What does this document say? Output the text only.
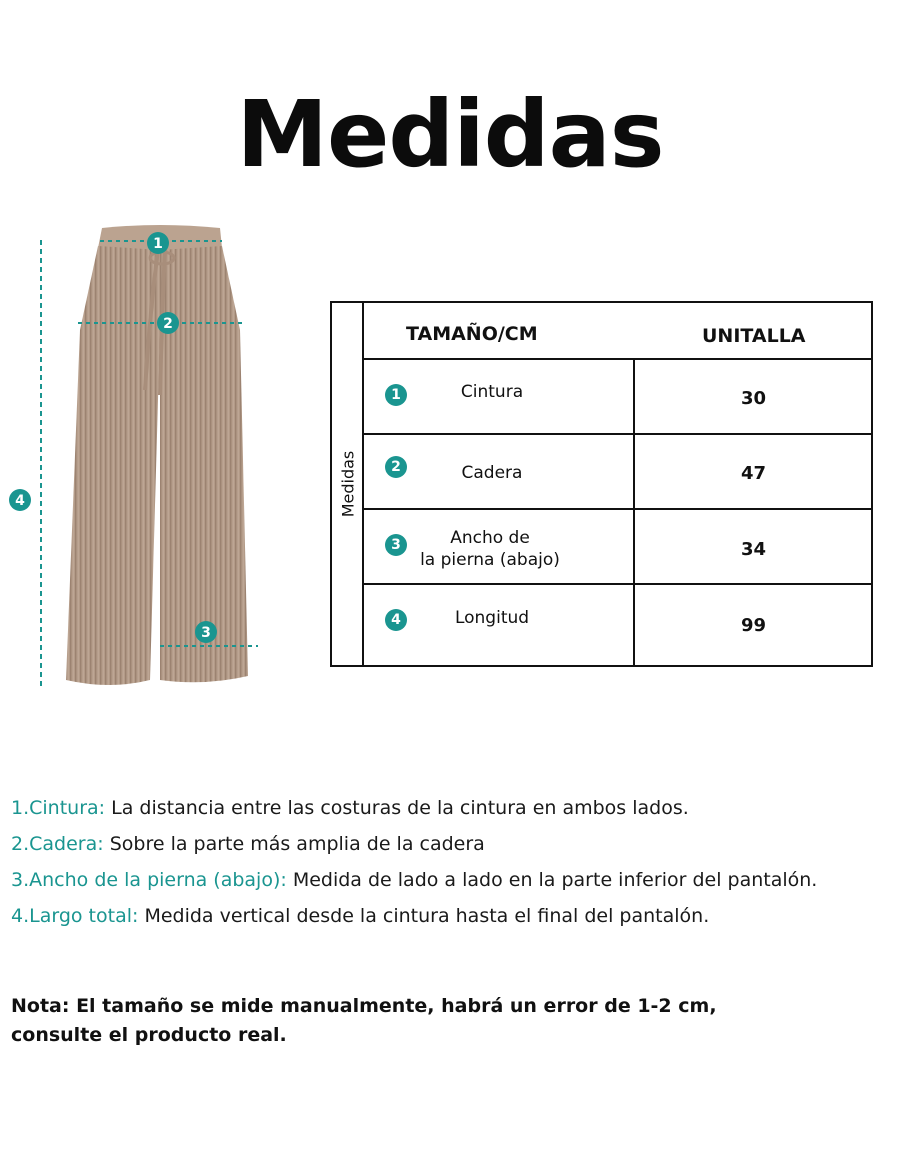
Medidas
1
2
3
4	Medidas
TAMAÑO/CM	UNITALLA
1	Cintura	30
2	Cadera	47
3	Ancho de
la pierna (abajo)	34
4	Longitud	99
1.Cintura: La distancia entre las costuras de la cintura en ambos lados.
2.Cadera: Sobre la parte más amplia de la cadera
3.Ancho de la pierna (abajo): Medida de lado a lado en la parte inferior del pantalón.
4.Largo total: Medida vertical desde la cintura hasta el final del pantalón.
Nota: El tamaño se mide manualmente, habrá un error de 1-2 cm,
consulte el producto real.
